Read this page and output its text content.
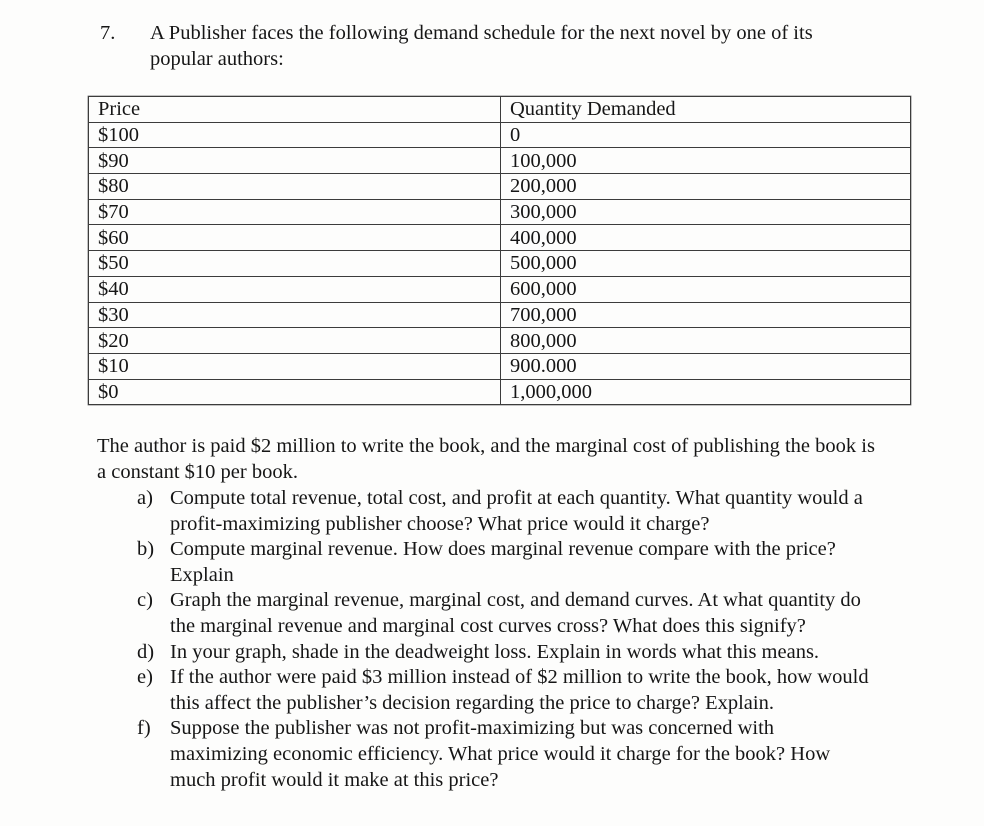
7.	A Publisher faces the following demand schedule for the next novel by one of its popular authors:
Price	Quantity Demanded
$100	0
$90	100,000
$80	200,000
$70	300,000
$60	400,000
$50	500,000
$40	600,000
$30	700,000
$20	800,000
$10	900.000
$0	1,000,000
The author is paid $2 million to write the book, and the marginal cost of publishing the book is a constant $10 per book.
a) Compute total revenue, total cost, and profit at each quantity. What quantity would a profit-maximizing publisher choose? What price would it charge?
b) Compute marginal revenue. How does marginal revenue compare with the price? Explain
c) Graph the marginal revenue, marginal cost, and demand curves. At what quantity do the marginal revenue and marginal cost curves cross? What does this signify?
d) In your graph, shade in the deadweight loss. Explain in words what this means.
e) If the author were paid $3 million instead of $2 million to write the book, how would this affect the publisher’s decision regarding the price to charge? Explain.
f) Suppose the publisher was not profit-maximizing but was concerned with maximizing economic efficiency. What price would it charge for the book? How much profit would it make at this price?
